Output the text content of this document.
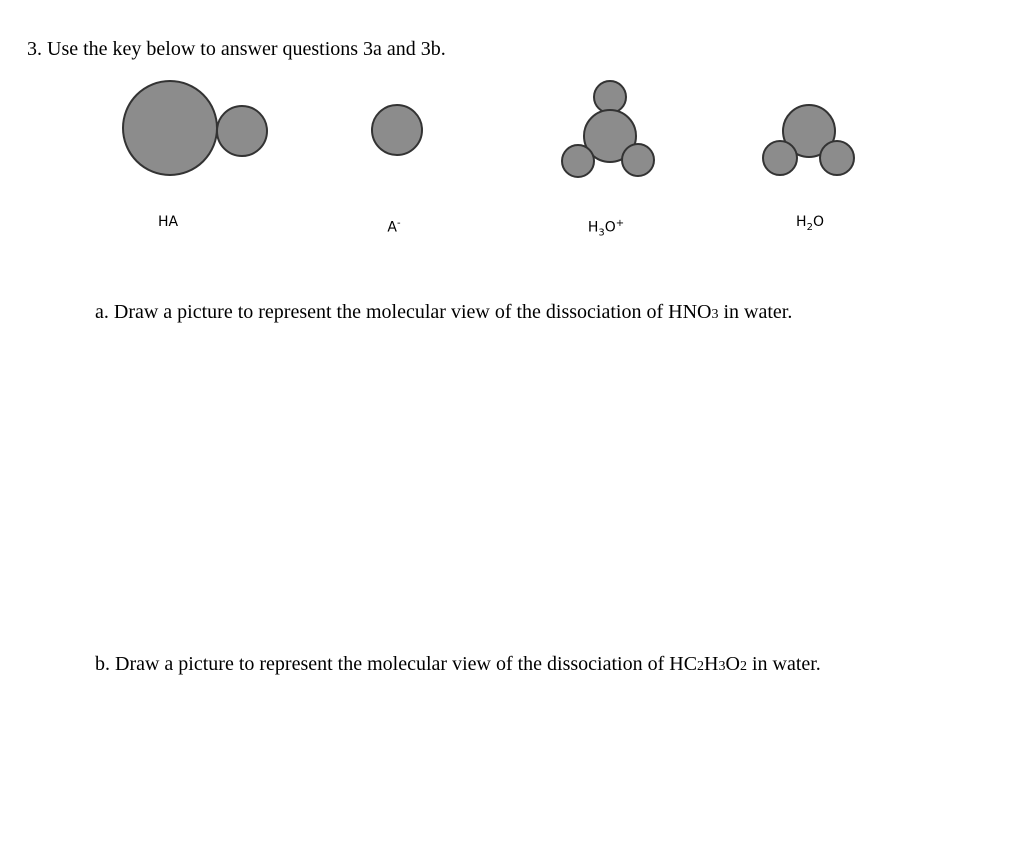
3. Use the key below to answer questions 3a and 3b.
HA	A-	$H_3O^+$	$H_2O$
a. Draw a picture to represent the molecular view of the dissociation of HNO3 in water.
b. Draw a picture to represent the molecular view of the dissociation of HC2H3O2 in water.
